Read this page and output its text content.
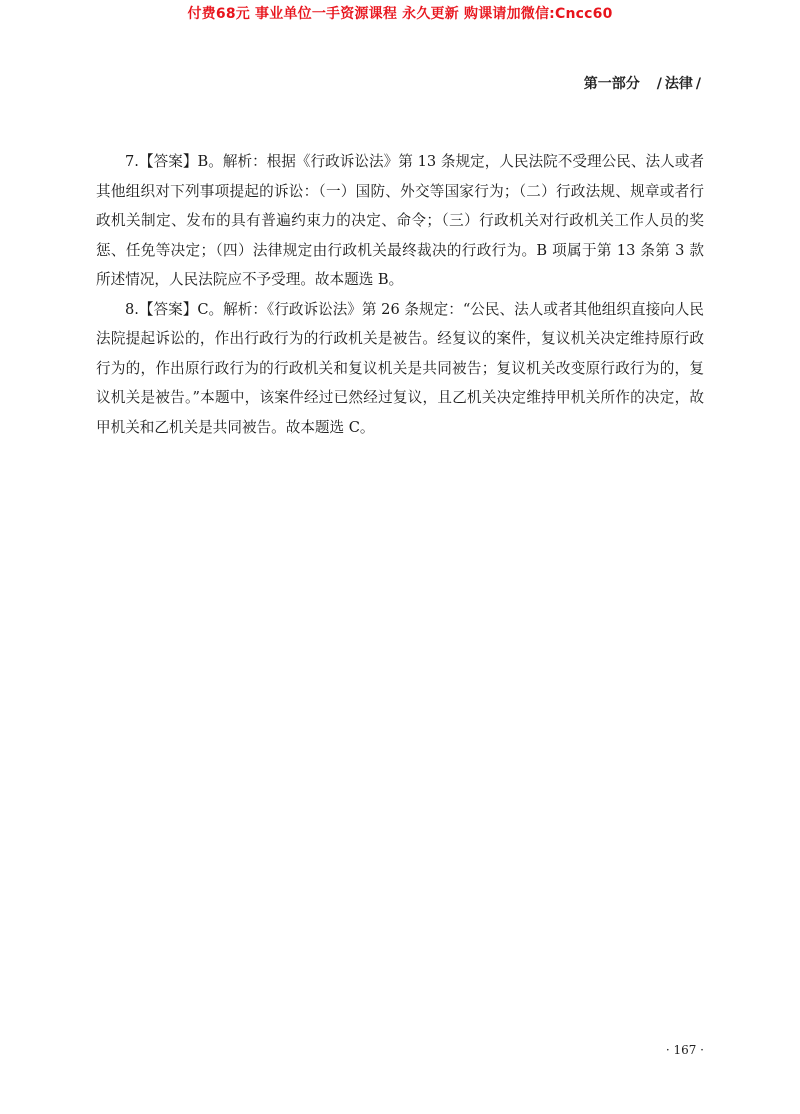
付费68元 事业单位一手资源课程 永久更新 购课请加微信:Cncc60
第一部分 / 法律 /

7.【答案】B。解析：根据《行政诉讼法》第 13 条规定，人民法院不受理公民、法人或者其他组织对下列事项提起的诉讼：（一）国防、外交等国家行为；（二）行政法规、规章或者行政机关制定、发布的具有普遍约束力的决定、命令；（三）行政机关对行政机关工作人员的奖惩、任免等决定；（四）法律规定由行政机关最终裁决的行政行为。B 项属于第 13 条第 3 款所述情况，人民法院应不予受理。故本题选 B。

8.【答案】C。解析：《行政诉讼法》第 26 条规定：“公民、法人或者其他组织直接向人民法院提起诉讼的，作出行政行为的行政机关是被告。经复议的案件，复议机关决定维持原行政行为的，作出原行政行为的行政机关和复议机关是共同被告；复议机关改变原行政行为的，复议机关是被告。”本题中，该案件经过已然经过复议，且乙机关决定维持甲机关所作的决定，故甲机关和乙机关是共同被告。故本题选 C。

· 167 ·
